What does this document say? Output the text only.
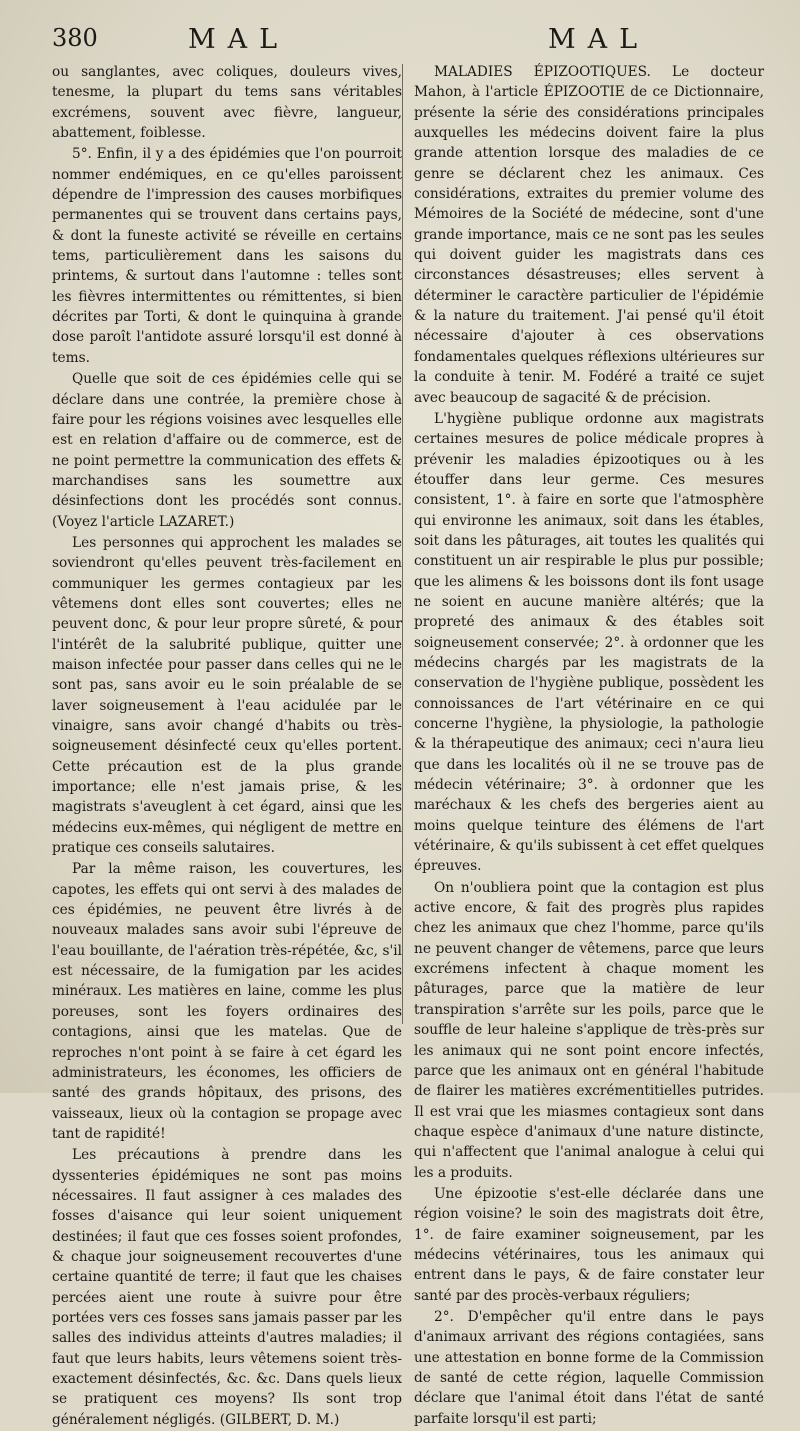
380	MAL	MAL

ou sanglantes, avec coliques, douleurs vives, tenesme, la plupart du tems sans véritables excrémens, souvent avec fièvre, langueur, abattement, foiblesse.

5°. Enfin, il y a des épidémies que l'on pourroit nommer endémiques, en ce qu'elles paroissent dépendre de l'impression des causes morbifiques permanentes qui se trouvent dans certains pays, & dont la funeste activité se réveille en certains tems, particulièrement dans les saisons du printems, & surtout dans l'automne : telles sont les fièvres intermittentes ou rémittentes, si bien décrites par Torti, & dont le quinquina à grande dose paroît l'antidote assuré lorsqu'il est donné à tems.

Quelle que soit de ces épidémies celle qui se déclare dans une contrée, la première chose à faire pour les régions voisines avec lesquelles elle est en relation d'affaire ou de commerce, est de ne point permettre la communication des effets & marchandises sans les soumettre aux désinfections dont les procédés sont connus. (Voyez l'article LAZARET.)

Les personnes qui approchent les malades se soviendront qu'elles peuvent très-facilement en communiquer les germes contagieux par les vêtemens dont elles sont couvertes; elles ne peuvent donc, & pour leur propre sûreté, & pour l'intérêt de la salubrité publique, quitter une maison infectée pour passer dans celles qui ne le sont pas, sans avoir eu le soin préalable de se laver soigneusement à l'eau aciduléе par le vinaigre, sans avoir changé d'habits ou très-soigneusement désinfecté ceux qu'elles portent. Cette précaution est de la plus grande importance; elle n'est jamais prise, & les magistrats s'aveuglent à cet égard, ainsi que les médecins eux-mêmes, qui négligent de mettre en pratique ces conseils salutaires.

Par la même raison, les couvertures, les capotes, les effets qui ont servi à des malades de ces épidémies, ne peuvent être livrés à de nouveaux malades sans avoir subi l'épreuve de l'eau bouillante, de l'aération très-répétée, &c, s'il est nécessaire, de la fumigation par les acides minéraux. Les matières en laine, comme les plus poreuses, sont les foyers ordinaires des contagions, ainsi que les matelas. Que de reproches n'ont point à se faire à cet égard les administrateurs, les économes, les officiers de santé des grands hôpitaux, des prisons, des vaisseaux, lieux où la contagion se propage avec tant de rapidité!

Les précautions à prendre dans les dyssenteries épidémiques ne sont pas moins nécessaires. Il faut assigner à ces malades des fosses d'aisance qui leur soient uniquement destinées; il faut que ces fosses soient profondes, & chaque jour soigneusement recouvertes d'une certaine quantité de terre; il faut que les chaises percées aient une route à suivre pour être portées vers ces fosses sans jamais passer par les salles des individus atteints d'autres maladies; il faut que leurs habits, leurs vêtemens soient très-exactement désinfectés, &c. &c. Dans quels lieux se pratiquent ces moyens? Ils sont trop généralement négligés. (GILBERT, D. M.)

MALADIES ÉPIZOOTIQUES. Le docteur Mahon, à l'article ÉPIZOOTIE de ce Dictionnaire, présente la série des considérations principales auxquelles les médecins doivent faire la plus grande attention lorsque des maladies de ce genre se déclarent chez les animaux. Ces considérations, extraites du premier volume des Mémoires de la Société de médecine, sont d'une grande importance, mais ce ne sont pas les seules qui doivent guider les magistrats dans ces circonstances désastreuses; elles servent à déterminer le caractère particulier de l'épidémie & la nature du traitement. J'ai pensé qu'il étoit nécessaire d'ajouter à ces observations fondamentales quelques réflexions ultérieures sur la conduite à tenir. M. Fodéré a traité ce sujet avec beaucoup de sagacité & de précision.

L'hygiène publique ordonne aux magistrats certaines mesures de police médicale propres à prévenir les maladies épizootiques ou à les étouffer dans leur germe. Ces mesures consistent, 1°. à faire en sorte que l'atmosphère qui environne les animaux, soit dans les étables, soit dans les pâturages, ait toutes les qualités qui constituent un air respirable le plus pur possible; que les alimens & les boissons dont ils font usage ne soient en aucune manière altérés; que la propreté des animaux & des étables soit soigneusement conservée; 2°. à ordonner que les médecins chargés par les magistrats de la conservation de l'hygiène publique, possèdent les connoissances de l'art vétérinaire en ce qui concerne l'hygiène, la physiologie, la pathologie & la thérapeutique des animaux; ceci n'aura lieu que dans les localités où il ne se trouve pas de médecin vétérinaire; 3°. à ordonner que les maréchaux & les chefs des bergeries aient au moins quelque teinture des élémens de l'art vétérinaire, & qu'ils subissent à cet effet quelques épreuves.

On n'oubliera point que la contagion est plus active encore, & fait des progrès plus rapides chez les animaux que chez l'homme, parce qu'ils ne peuvent changer de vêtemens, parce que leurs excrémens infectent à chaque moment les pâturages, parce que la matière de leur transpiration s'arrête sur les poils, parce que le souffle de leur haleine s'applique de très-près sur les animaux qui ne sont point encore infectés, parce que les animaux ont en général l'habitude de flairer les matières excrémentitielles putrides. Il est vrai que les miasmes contagieux sont dans chaque espèce d'animaux d'une nature distincte, qui n'affectent que l'animal analogue à celui qui les a produits.

Une épizootie s'est-elle déclarée dans une région voisine? le soin des magistrats doit être, 1°. de faire examiner soigneusement, par les médecins vétérinaires, tous les animaux qui entrent dans le pays, & de faire constater leur santé par des procès-verbaux réguliers;

2°. D'empêcher qu'il entre dans le pays d'animaux arrivant des régions contagiées, sans une attestation en bonne forme de la Commission de santé de cette région, laquelle Commission déclare que l'animal étoit dans l'état de santé parfaite lorsqu'il est parti;
